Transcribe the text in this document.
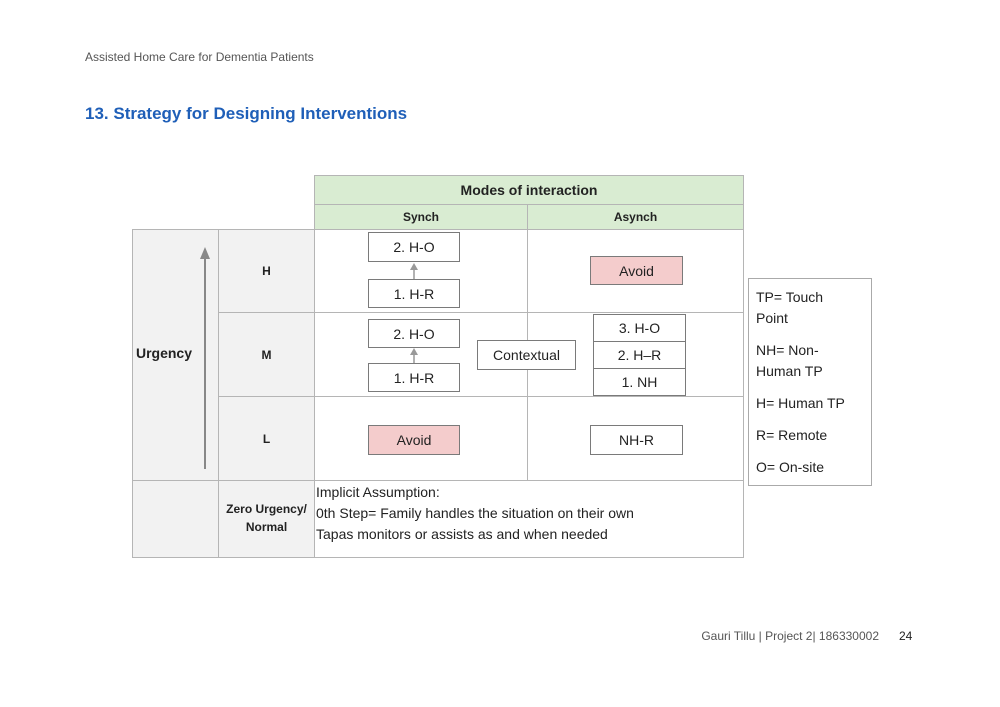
Assisted Home Care for Dementia Patients
13. Strategy for Designing Interventions
Modes of interaction
Synch	Asynch
Urgency
H
M
L
Zero Urgency/
Normal
2. H-O
1. H-R
Avoid
2. H-O
1. H-R
Contextual
3. H-O
2. H–R
1. NH
Avoid	NH-R
Implicit Assumption:
0th Step= Family handles the situation on their own
Tapas monitors or assists as and when needed
TP= Touch
Point
NH= Non-
Human TP
H= Human TP
R= Remote
O= On-site
Gauri Tillu | Project 2| 186330002 24
